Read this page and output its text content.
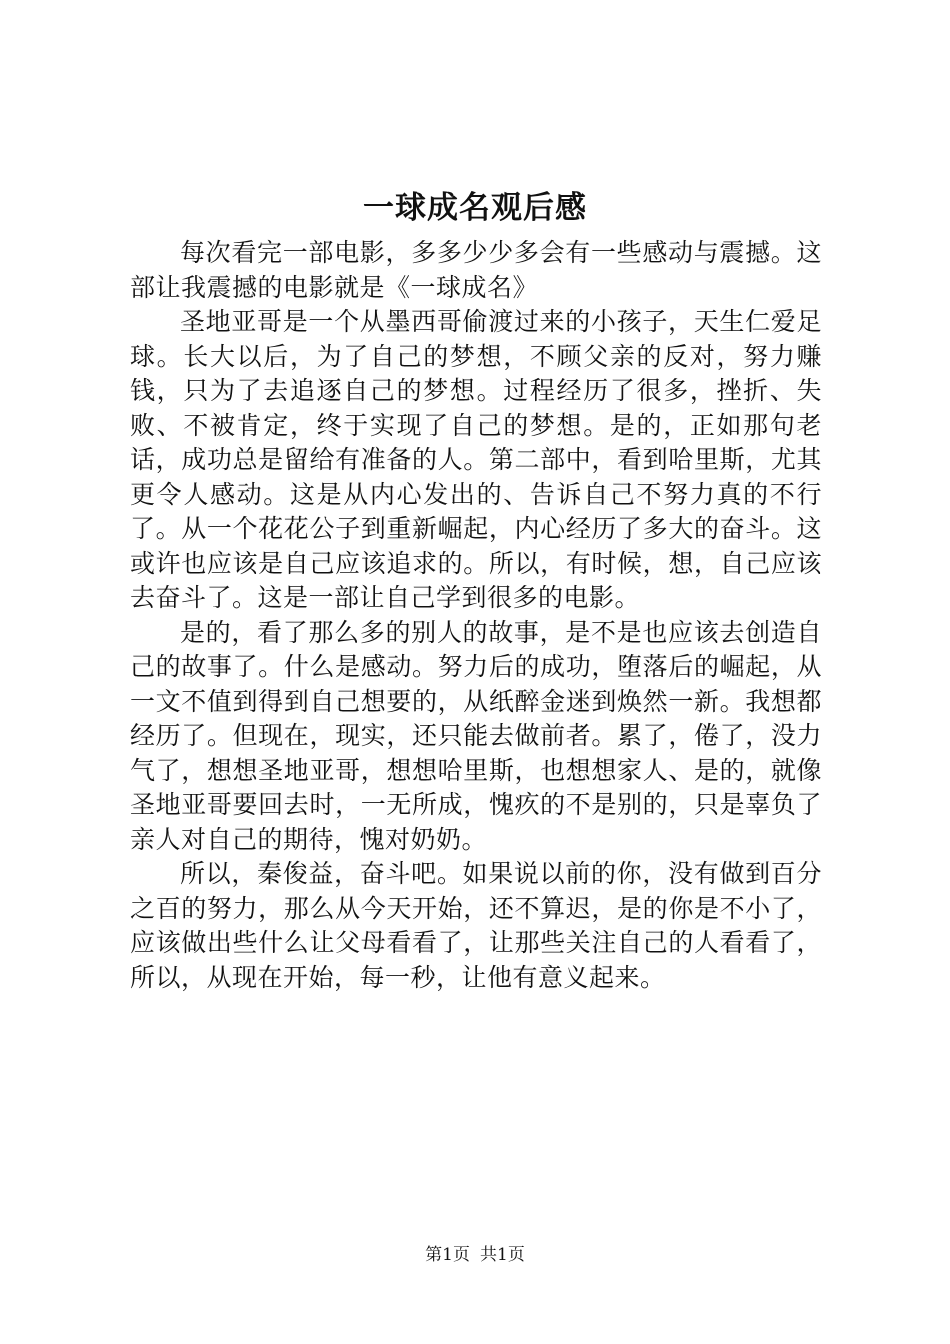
一球成名观后感

每次看完一部电影，多多少少多会有一些感动与震撼。这部让我震撼的电影就是《一球成名》

圣地亚哥是一个从墨西哥偷渡过来的小孩子，天生仁爱足球。长大以后，为了自己的梦想，不顾父亲的反对，努力赚钱，只为了去追逐自己的梦想。过程经历了很多，挫折、失败、不被肯定，终于实现了自己的梦想。是的，正如那句老话，成功总是留给有准备的人。第二部中，看到哈里斯，尤其更令人感动。这是从内心发出的、告诉自己不努力真的不行了。从一个花花公子到重新崛起，内心经历了多大的奋斗。这或许也应该是自己应该追求的。所以，有时候，想，自己应该去奋斗了。这是一部让自己学到很多的电影。

是的，看了那么多的别人的故事，是不是也应该去创造自己的故事了。什么是感动。努力后的成功，堕落后的崛起，从一文不值到得到自己想要的，从纸醉金迷到焕然一新。我想都经历了。但现在，现实，还只能去做前者。累了，倦了，没力气了，想想圣地亚哥，想想哈里斯，也想想家人、是的，就像圣地亚哥要回去时，一无所成，愧疚的不是别的，只是辜负了亲人对自己的期待，愧对奶奶。

所以，秦俊益，奋斗吧。如果说以前的你，没有做到百分之百的努力，那么从今天开始，还不算迟，是的你是不小了，应该做出些什么让父母看看了，让那些关注自己的人看看了，所以，从现在开始，每一秒，让他有意义起来。

第1页 共1页
